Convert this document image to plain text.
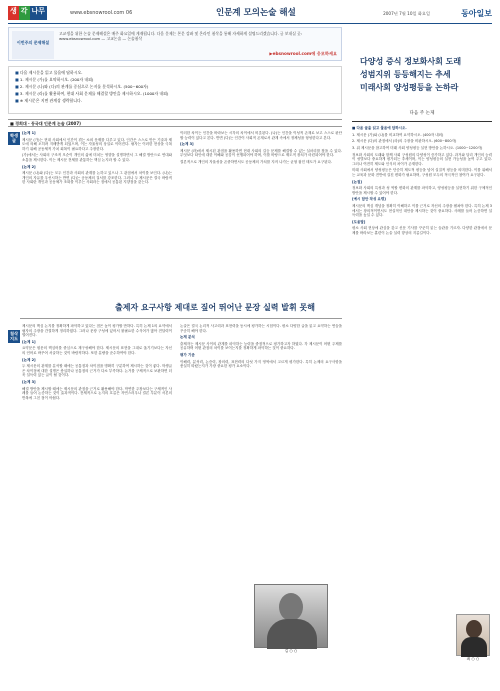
생 각 나무	www.ebsnowrool.com 06	인문계 모의논술 해설	2007년 7월 10일 화요일	동아일보
이번주의 문제해설
고교생을 위한 논술 문제해설은 매주 화요일에 게재됩니다. 다음 문제는 본문 강좌 및 온라인 첨삭을 통해 자세하게 설명드리겠습니다. 글 보내실 곳: www.ebsnowrool.com — 고교논술 — 논술첨삭
▶ebsnowrool.com에 응모하세요
■ 다음 제시문을 읽고 물음에 답하시오.
■ 1. 제시문 (가)를 요약하시오. (200자 내외)
■ 2. 제시문 (나)와 (다)의 관계를 중심으로 논지를 분석하시오. (500~600자)
■ 3. 제시문 (라)를 활용하여, 현대 사회 문제를 해결할 방안을 제시하시오. (1000자 내외)
■ ※ 제시문은 지면 관계상 생략합니다.
■ 경희대 · 동국대 인문계 논술 (2007)
학생글

[논제 1]

제시문 (가)는 현대 사회에서 인간이 겪는 소외 문제를 다루고 있다. 인간은 스스로 만든 기술과 제도에 의해 오히려 지배받게 되었으며, 이는 자율성의 상실로 이어진다. 필자는 이러한 현상을 극복하기 위해 공동체적 가치 회복이 필요하다고 주장한다.

(가)에서는 사회의 구조적 모순이 개인의 삶에 미치는 영향을 설명하면서 그 해결 방안으로 연대와 소통을 제시한다. 이는 제시문 전체를 관통하는 핵심 논지라 할 수 있다.

[논제 2]

제시문 (나)와 (다)는 모두 인간과 사회의 관계를 논하고 있으나 그 관점에서 차이를 보인다. (나)는 개인의 자유를 우선시하는 반면 (다)는 공동체의 질서를 강조한다. 그러나 두 제시문은 결국 바람직한 사회란 개인과 공동체가 조화를 이루는 사회라는 점에서 공통된 지향점을 갖는다.

이러한 차이는 인간을 바라보는 시각의 차이에서 비롯된다. (나)는 인간을 이성적 존재로 보고 스스로 판단할 능력이 있다고 본다. 반면 (다)는 인간이 사회적 존재로서 관계 속에서 정체성을 형성한다고 본다.

[논제 3]

제시문 (라)에서 제시된 관점을 활용하면 현대 사회의 갈등 문제를 해결할 수 있는 실마리를 찾을 수 있다. 무엇보다 타인에 대한 이해와 공감이 선행되어야 하며, 이를 바탕으로 제도적 장치가 마련되어야 한다.

결론적으로 개인의 자율성을 존중하면서도 공동체의 가치를 지켜 나가는 균형 잡힌 태도가 요구된다.

출제자 요구사항 제대로 짚어 뛰어난 문장 실력 발휘 못해
첨삭지도

제시문의 핵심 논지를 정확하게 파악하고 있다는 점은 높이 평가할 만하다. 특히 논제 1의 요약에서 필자의 주장을 간결하게 정리하였다. 그러나 문장 구성에 있어서 불필요한 수식어가 많아 전달력이 떨어진다.

[논제 1]

요약문은 원문의 핵심어를 중심으로 재구성해야 한다. 제시문의 표현을 그대로 옮기기보다는 자신의 언어로 바꾸어 서술하는 것이 바람직하다. 또한 분량을 준수하여야 한다.

[논제 2]

두 제시문의 관계를 분석할 때에는 공통점과 차이점을 명확히 구분하여 제시하는 것이 좋다. 학생글은 차이점에 대한 설명은 충실하나 공통점의 근거가 다소 부족하다. 논거를 구체적으로 보완하면 더욱 설득력 있는 글이 될 것이다.

[논제 3]

해결 방안을 제시할 때에는 제시문의 관점을 근거로 활용해야 한다. 막연한 주장보다는 구체적인 사례를 들어 논증하는 것이 효과적이다. 전체적으로 논지의 흐름은 자연스러우나 결론 부분이 서론의 반복에 그친 점이 아쉽다.

논술은 결국 논리적 사고력과 표현력을 동시에 평가하는 시험이다. 평소 다양한 글을 읽고 요약하는 연습을 꾸준히 해야 한다.

논제 분석

출제자는 제시문 사이의 관계를 파악하는 능력을 중점적으로 평가하고자 하였다. 각 제시문이 어떤 주제를 공유하며 어떤 관점의 차이를 보이는지를 정확하게 파악하는 것이 중요하다.

평가 기준

이해력, 분석력, 논증력, 창의력, 표현력의 다섯 가지 영역에서 고르게 평가한다. 특히 논제의 요구사항을 충실히 따랐는지가 가장 중요한 평가 요소이다.

김 ○ ○
다양성 증식 정보화사회 도래
성범지위 등등해지는 추세
미래사회 양성평등을 논하라
다음 주 논제

■ 다음 글을 읽고 물음에 답하시오.

1. 제시문 (가)와 (나)를 비교하여 요약하시오. (400자 내외)

2. 제시문 (다)의 관점에서 (라)의 주장을 비판하시오. (600~800자)

3. 위 제시문을 참고하여 미래 사회 양성평등 실현 방안을 논하시오. (1000~1200자)

정보화 사회의 도래와 함께 사회 구성원의 다양성이 증가하고 있다. 과거와 달리 개인의 능력이 성별보다 중요하게 평가되는 추세이며, 이는 양성평등의 실현 가능성을 높여 주고 있다. 그러나 여전히 제도와 인식의 차이가 존재한다.

미래 사회에서 양성평등은 단순히 제도적 평등을 넘어 실질적 평등을 의미한다. 이를 위해서는 교육과 문화 전반에 걸친 변화가 필요하며, 구성원 모두의 적극적인 참여가 요구된다.

[논점]

정보화 사회의 특성과 성 역할 변화의 관계를 파악하고, 양성평등을 실현하기 위한 구체적인 방안을 제시할 수 있어야 한다.

[예시 답안 작성 요령]

제시문의 핵심 개념을 정확히 이해하고 이를 근거로 자신의 주장을 펼쳐야 한다. 특히 논제 3에서는 창의적이면서도 현실적인 대안을 제시하는 것이 중요하다. 사례를 들어 논증하면 설득력을 높일 수 있다.

[도움말]

평소 사회 현상에 관심을 갖고 신문 기사를 꾸준히 읽는 습관을 기르자. 다양한 관점에서 문제를 바라보는 훈련이 논술 실력 향상의 지름길이다.

최 ○ ○
